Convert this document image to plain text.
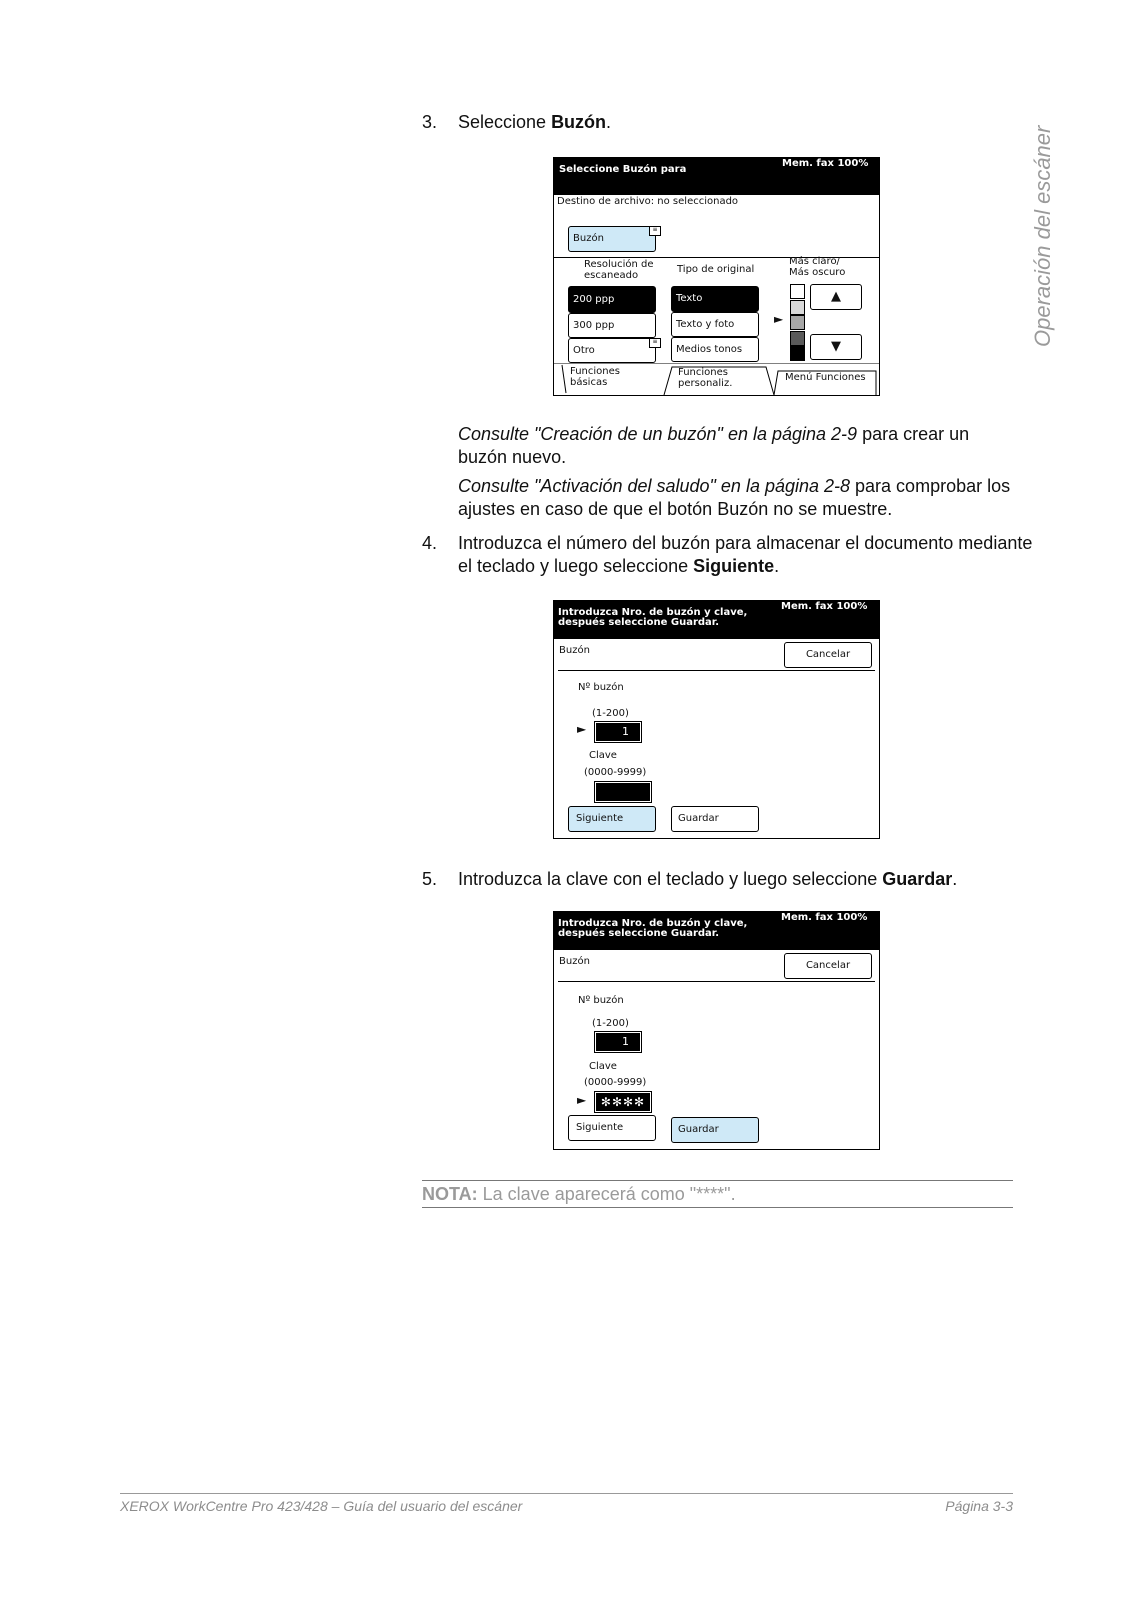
Operación del escáner
3. Seleccione Buzón.
Seleccione Buzón para
Mem. fax 100%
Destino de archivo: no seleccionado
Buzón
≡
Resolución de
escaneado
200 ppp
300 ppp
Otro
≡
Tipo de original
Texto
Texto y foto
Medios tonos
Más claro/
Más oscuro
►
▲
▼
Funciones
básicas
Funciones
personaliz.
Menú Funciones
Consulte "Creación de un buzón" en la página 2-9 para crear un buzón nuevo.
Consulte "Activación del saludo" en la página 2-8 para comprobar los ajustes en caso de que el botón Buzón no se muestre.
4. Introduzca el número del buzón para almacenar el documento mediante el teclado y luego seleccione Siguiente.
Introduzca Nro. de buzón y clave,
después seleccione Guardar.
Mem. fax 100%
Buzón	Cancelar
Nº buzón
(1-200)
►	1
Clave
(0000-9999)
Siguiente	Guardar
5. Introduzca la clave con el teclado y luego seleccione Guardar.
Introduzca Nro. de buzón y clave,
después seleccione Guardar.
Mem. fax 100%
Buzón	Cancelar
Nº buzón
(1-200)
1
Clave
(0000-9999)
►	✻✻✻✻
Siguiente	Guardar
NOTA: La clave aparecerá como "****".
XEROX WorkCentre Pro 423/428 – Guía del usuario del escáner	Página 3-3
